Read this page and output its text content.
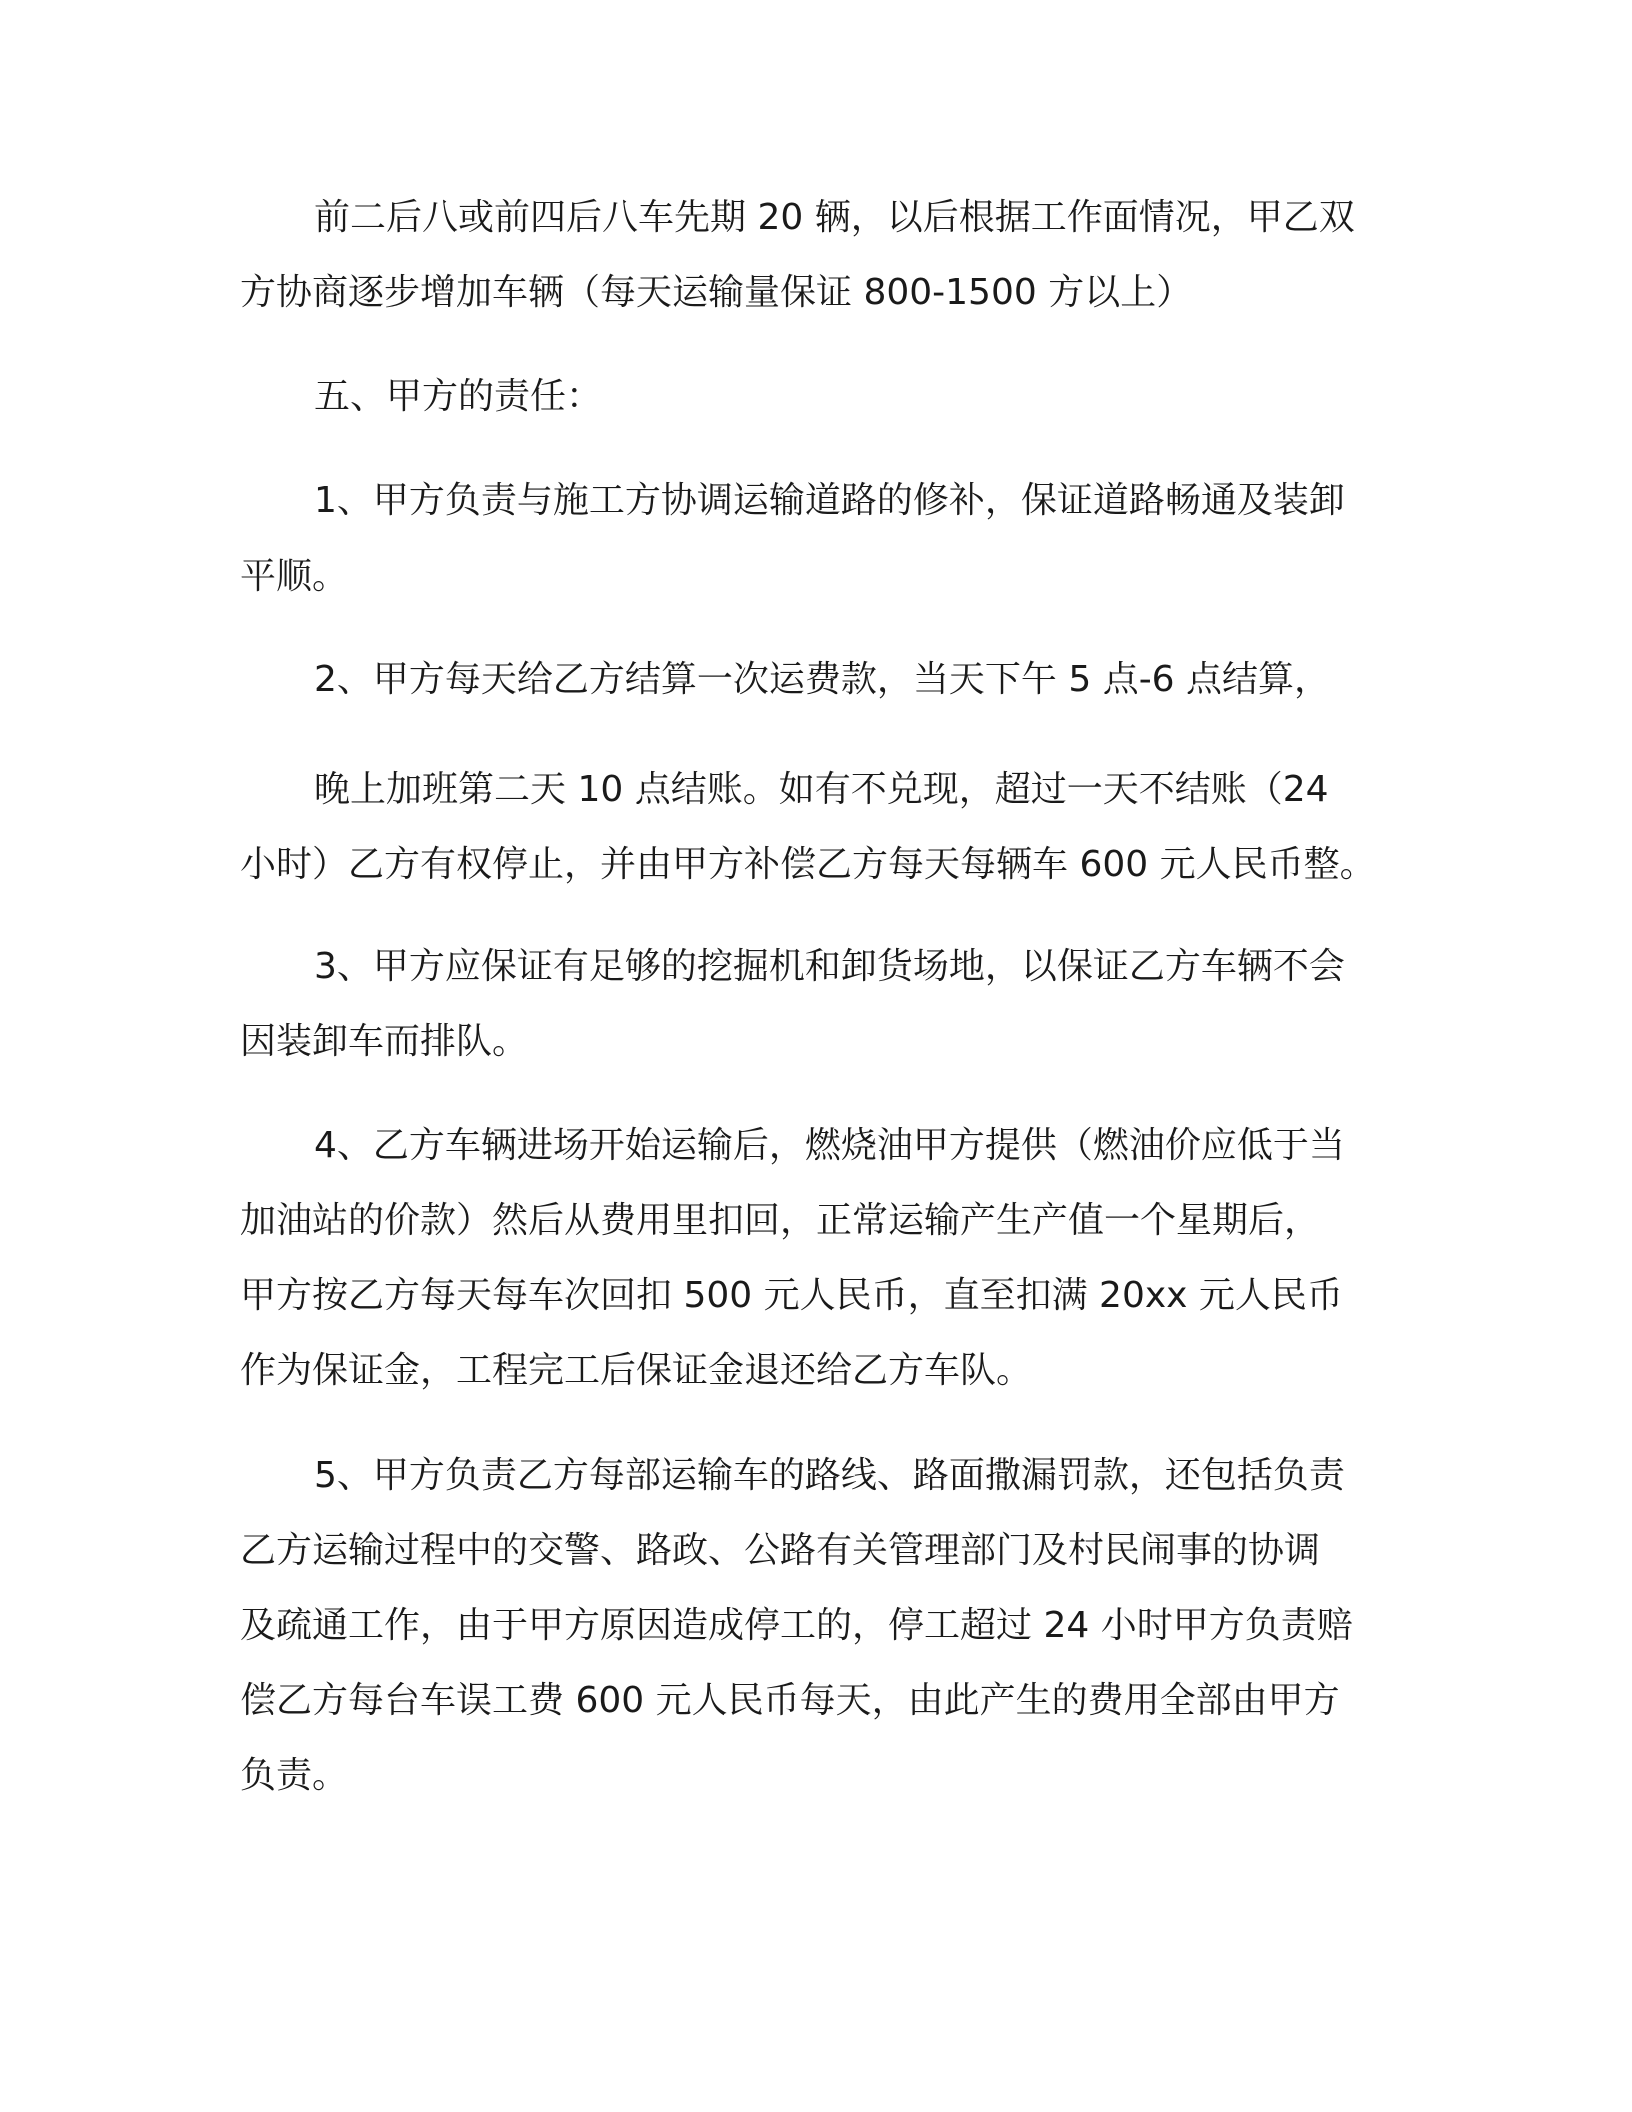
前二后八或前四后八车先期 20 辆，以后根据工作面情况，甲乙双

方协商逐步增加车辆（每天运输量保证 800-1500 方以上）

五、甲方的责任：

1、甲方负责与施工方协调运输道路的修补，保证道路畅通及装卸

平顺。

2、甲方每天给乙方结算一次运费款，当天下午 5 点-6 点结算，

晚上加班第二天 10 点结账。如有不兑现，超过一天不结账（24

小时）乙方有权停止，并由甲方补偿乙方每天每辆车 600 元人民币整。

3、甲方应保证有足够的挖掘机和卸货场地，以保证乙方车辆不会

因装卸车而排队。

4、乙方车辆进场开始运输后，燃烧油甲方提供（燃油价应低于当

加油站的价款）然后从费用里扣回，正常运输产生产值一个星期后，

甲方按乙方每天每车次回扣 500 元人民币，直至扣满 20xx 元人民币

作为保证金，工程完工后保证金退还给乙方车队。

5、甲方负责乙方每部运输车的路线、路面撒漏罚款，还包括负责

乙方运输过程中的交警、路政、公路有关管理部门及村民闹事的协调

及疏通工作，由于甲方原因造成停工的，停工超过 24 小时甲方负责赔

偿乙方每台车误工费 600 元人民币每天，由此产生的费用全部由甲方

负责。
